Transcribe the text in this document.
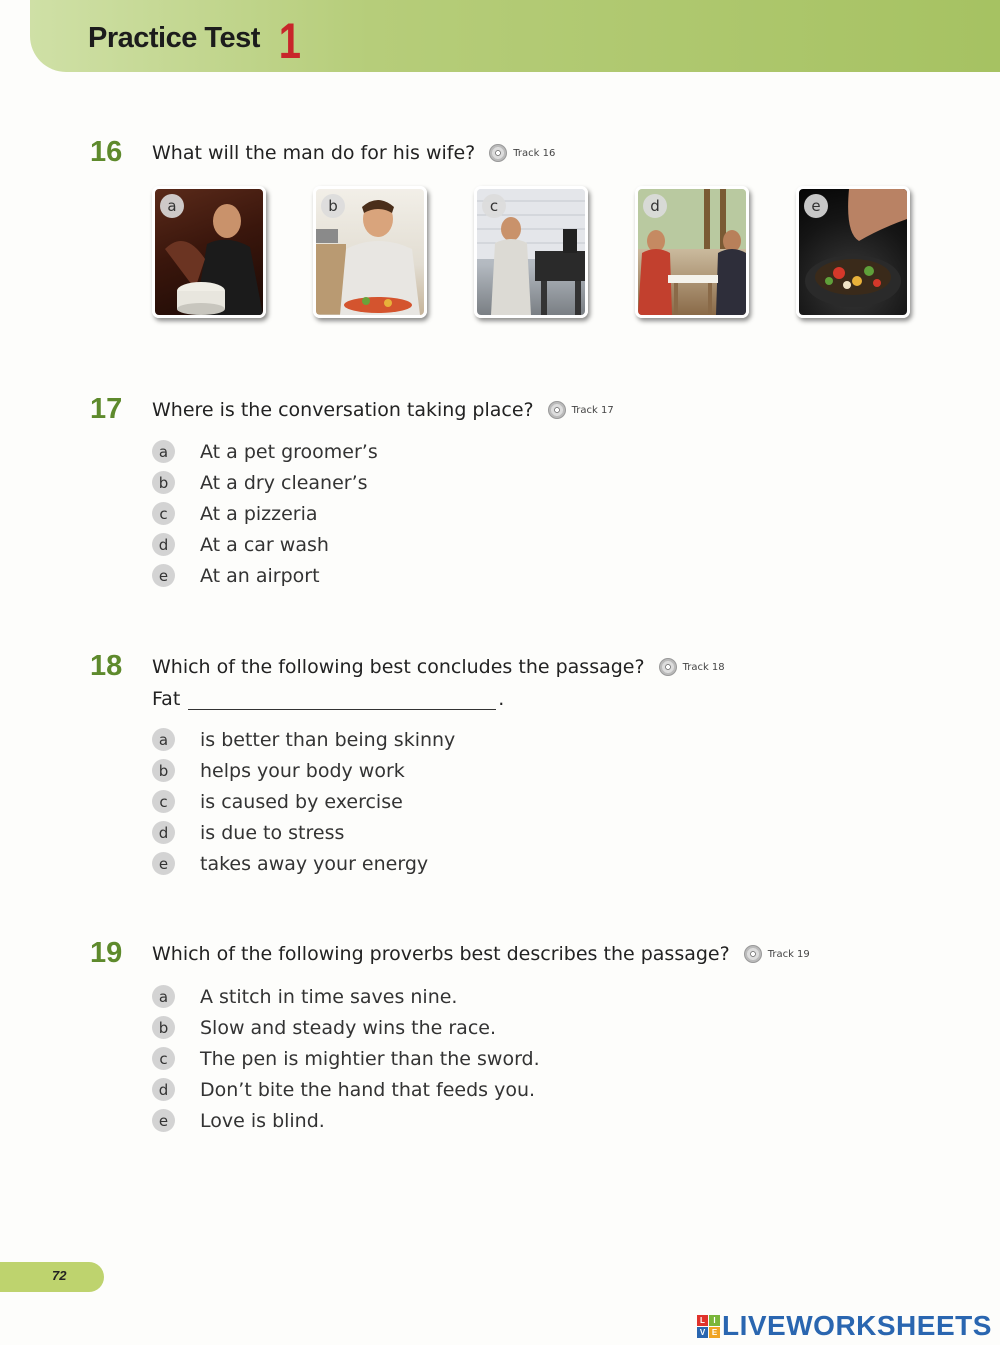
Practice Test 1
16 What will the man do for his wife?	Track 16
a	b	c	d	e
17 Where is the conversation taking place?	Track 17
a	At a pet groomer’s
b	At a dry cleaner’s
c	At a pizzeria
d	At a car wash
e	At an airport
18 Which of the following best concludes the passage?	Track 18
Fat	.
a	is better than being skinny
b	helps your body work
c	is caused by exercise
d	is due to stress
e	takes away your energy
19 Which of the following proverbs best describes the passage?	Track 19
a	A stitch in time saves nine.
b	Slow and steady wins the race.
c	The pen is mightier than the sword.
d	Don’t bite the hand that feeds you.
e	Love is blind.
72
L	I
V E LIVEWORKSHEETS
